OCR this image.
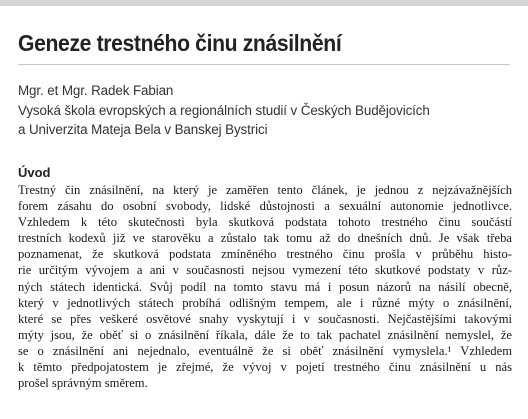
Geneze trestného činu znásilnění
Mgr. et Mgr. Radek Fabian
Vysoká škola evropských a regionálních studií v Českých Budějovicích
a Univerzita Mateja Bela v Banskej Bystrici
Úvod
Trestný čin znásilnění, na který je zaměřen tento článek, je jednou z nejzávažnějších
forem zásahu do osobní svobody, lidské důstojnosti a sexuální autonomie jednotlivce.
Vzhledem k této skutečnosti byla skutková podstata tohoto trestného činu součástí
trestních kodexů již ve starověku a zůstalo tak tomu až do dnešních dnů. Je však třeba
poznamenat, že skutková podstata zmíněného trestného činu prošla v průběhu histo-
rie určitým vývojem a ani v současnosti nejsou vymezení této skutkové podstaty v růz-
ných státech identická. Svůj podíl na tomto stavu má i posun názorů na násilí obecně,
který v jednotlivých státech probíhá odlišným tempem, ale i různé mýty o znásilnění,
které se přes veškeré osvětové snahy vyskytují i v současnosti. Nejčastějšími takovými
mýty jsou, že oběť si o znásilnění říkala, dále že to tak pachatel znásilnění nemyslel, že
se o znásilnění ani nejednalo, eventuálně že si oběť znásilnění vymyslela.¹ Vzhledem
k těmto předpojatostem je zřejmé, že vývoj v pojetí trestného činu znásilnění u nás
prošel správným směrem.
